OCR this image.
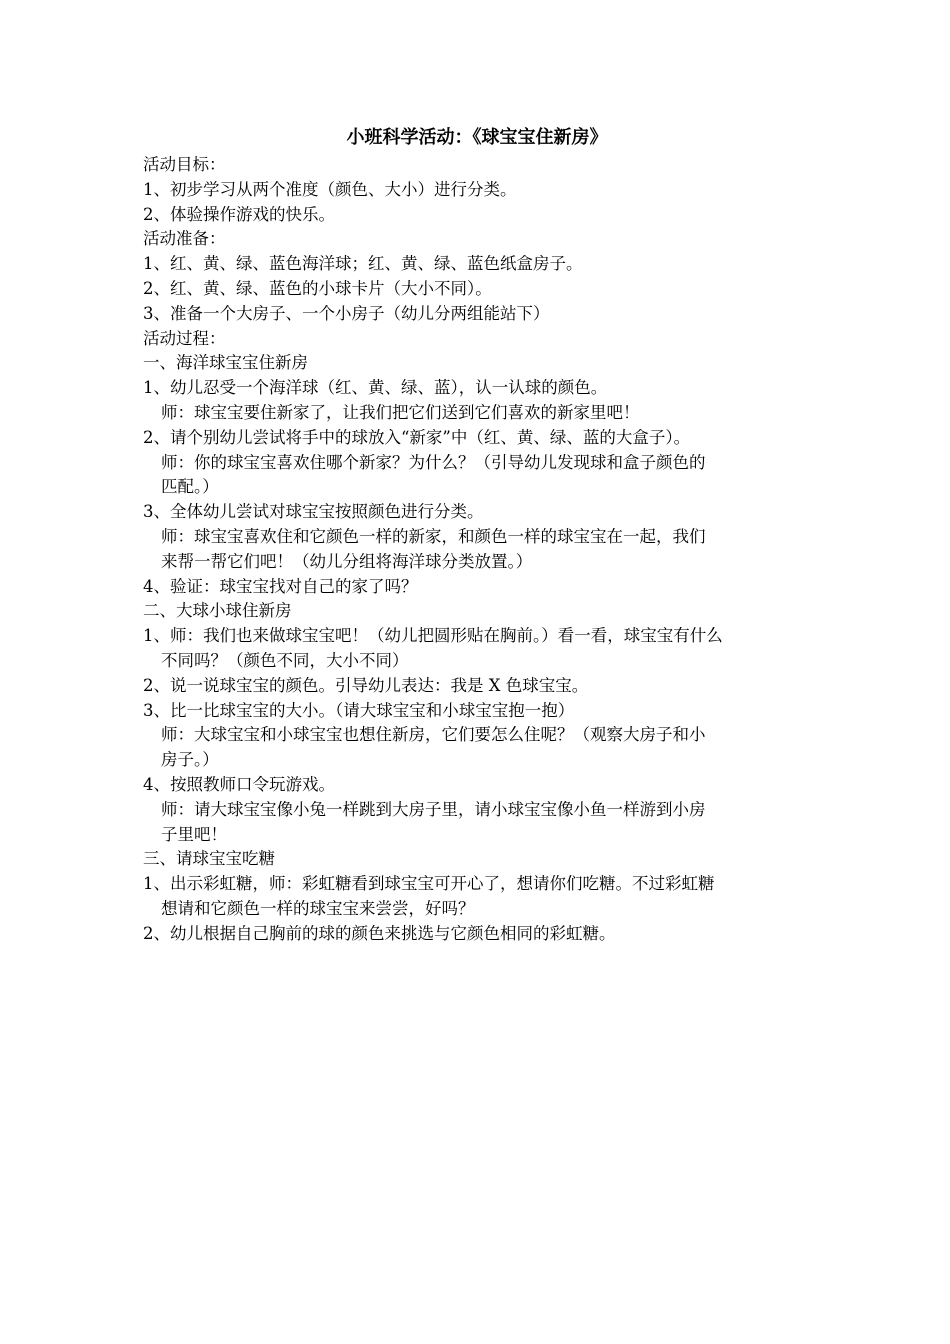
小班科学活动：《球宝宝住新房》
活动目标：
1、初步学习从两个准度（颜色、大小）进行分类。
2、体验操作游戏的快乐。
活动准备：
1、红、黄、绿、蓝色海洋球；红、黄、绿、蓝色纸盒房子。
2、红、黄、绿、蓝色的小球卡片（大小不同）。
3、准备一个大房子、一个小房子（幼儿分两组能站下）
活动过程：
一、海洋球宝宝住新房
1、幼儿忍受一个海洋球（红、黄、绿、蓝），认一认球的颜色。
师：球宝宝要住新家了，让我们把它们送到它们喜欢的新家里吧！
2、请个别幼儿尝试将手中的球放入“新家”中（红、黄、绿、蓝的大盒子）。
师：你的球宝宝喜欢住哪个新家？为什么？（引导幼儿发现球和盒子颜色的
匹配。）
3、全体幼儿尝试对球宝宝按照颜色进行分类。
师：球宝宝喜欢住和它颜色一样的新家，和颜色一样的球宝宝在一起，我们
来帮一帮它们吧！（幼儿分组将海洋球分类放置。）
4、验证：球宝宝找对自己的家了吗？
二、大球小球住新房
1、师：我们也来做球宝宝吧！（幼儿把圆形贴在胸前。）看一看，球宝宝有什么
不同吗？（颜色不同，大小不同）
2、说一说球宝宝的颜色。引导幼儿表达：我是 X 色球宝宝。
3、比一比球宝宝的大小。（请大球宝宝和小球宝宝抱一抱）
师：大球宝宝和小球宝宝也想住新房，它们要怎么住呢？（观察大房子和小
房子。）
4、按照教师口令玩游戏。
师：请大球宝宝像小兔一样跳到大房子里，请小球宝宝像小鱼一样游到小房
子里吧！
三、请球宝宝吃糖
1、出示彩虹糖，师：彩虹糖看到球宝宝可开心了，想请你们吃糖。不过彩虹糖
想请和它颜色一样的球宝宝来尝尝，好吗？
2、幼儿根据自己胸前的球的颜色来挑选与它颜色相同的彩虹糖。
